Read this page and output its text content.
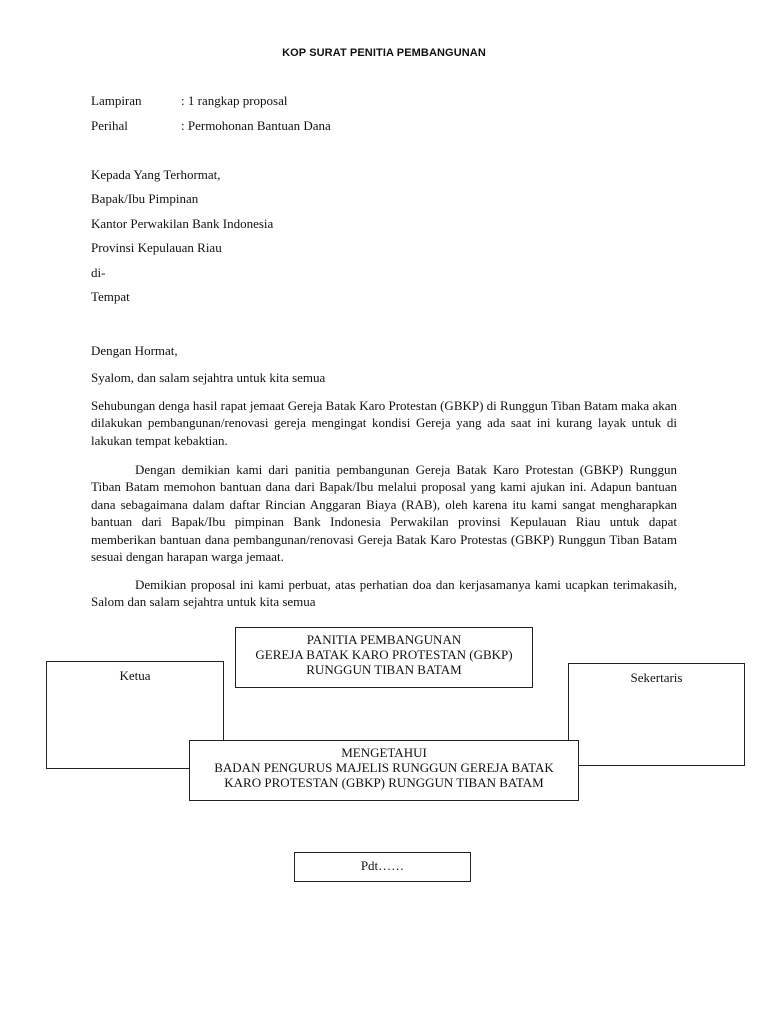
KOP SURAT PENITIA PEMBANGUNAN
Lampiran	: 1 rangkap proposal
Perihal	: Permohonan Bantuan Dana
Kepada Yang Terhormat,
Bapak/Ibu Pimpinan
Kantor Perwakilan Bank Indonesia
Provinsi Kepulauan Riau
di-
Tempat
Dengan Hormat,
Syalom, dan salam sejahtra untuk kita semua

Sehubungan denga hasil rapat jemaat Gereja Batak Karo Protestan (GBKP) di Runggun Tiban Batam maka akan dilakukan pembangunan/renovasi gereja mengingat kondisi Gereja yang ada saat ini kurang layak untuk di lakukan tempat kebaktian.

Dengan demikian kami dari panitia pembangunan Gereja Batak Karo Protestan (GBKP) Runggun Tiban Batam memohon bantuan dana dari Bapak/Ibu melalui proposal yang kami ajukan ini. Adapun bantuan dana sebagaimana dalam daftar Rincian Anggaran Biaya (RAB), oleh karena itu kami sangat mengharapkan bantuan dari Bapak/Ibu pimpinan Bank Indonesia Perwakilan provinsi Kepulauan Riau untuk dapat memberikan bantuan dana pembangunan/renovasi Gereja Batak Karo Protestas (GBKP) Runggun Tiban Batam sesuai dengan harapan warga jemaat.

Demikian proposal ini kami perbuat, atas perhatian doa dan kerjasamanya kami ucapkan terimakasih, Salom dan salam sejahtra untuk kita semua

Ketua	Sekertaris
PANITIA PEMBANGUNAN
GEREJA BATAK KARO PROTESTAN (GBKP)
RUNGGUN TIBAN BATAM
MENGETAHUI
BADAN PENGURUS MAJELIS RUNGGUN GEREJA BATAK
KARO PROTESTAN (GBKP) RUNGGUN TIBAN BATAM
Pdt……
